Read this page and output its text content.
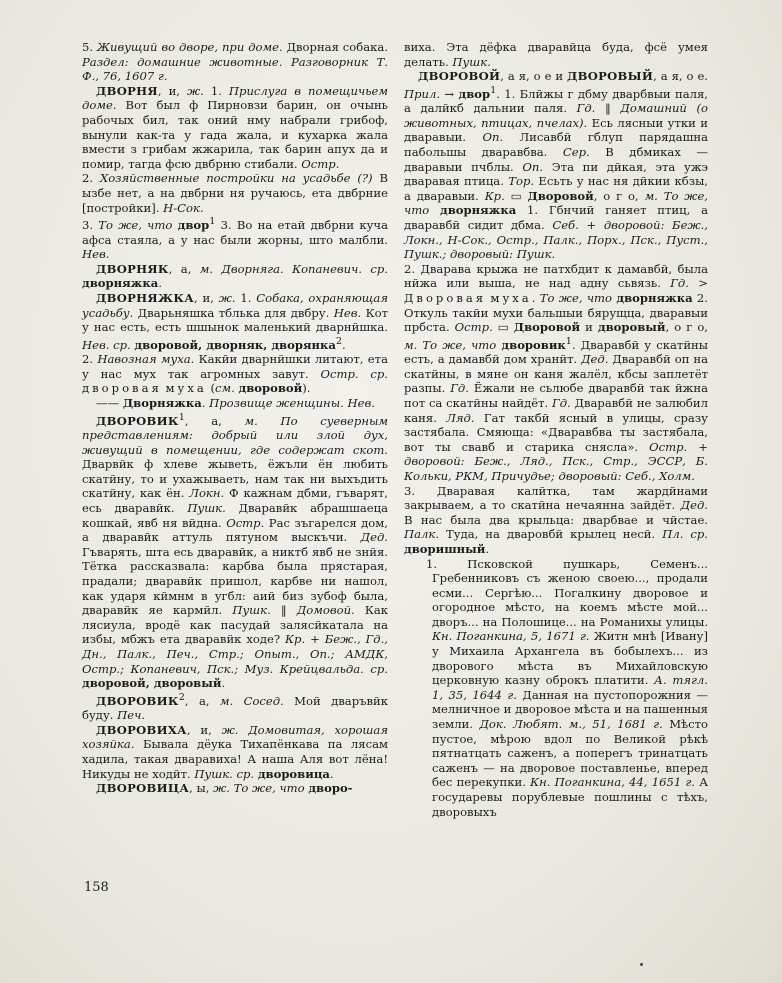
5. Живущий во дворе, при доме. Дворная собака. Раздел: домашние животные. Разговорник Т. Ф., 76, 1607 г.

ДВОРНЯ, и, ж. 1. Прислуга в помещичьем доме. Вот был ф Пирновзи барин, он очынь рабочых бил, так оний нму набрали грибоф, вынули как-та у гада жала, и кухарка жала вмести з грибам жжарила, так барин апух да и помир, тагда фсю двбрню стибали. Остр.

2. Хозяйственные постройки на усадьбе (?) В ызбе нет, а на двбрни ня ручаюсь, ета двбрние [постройки]. Н-Сок.

3. То же, что двор$^1$ 3. Во на етай двбрни куча афса стаяла, а у нас были жорны, што малбли. Нев.

ДВОРНЯК, а, м. Дворняга. Копаневич. ср. дворняжка.

ДВОРНЯЖКА, и, ж. 1. Собака, охраняющая усадьбу. Дварьняшка тблька для двбру. Нев. Кот у нас есть, есть шшынок маленький дварнйшка. Нев. ср. дворовой, дворняк, дворянка$^2$.

2. Навозная муха. Какйи дварнйшки литают, ета у нас мух так агромных завут. Остр. ср. дворовая муха (см. дворовой).

—— Дворняжка. Прозвище женщины. Нев.

ДВОРОВИК$^1$, а, м. По суеверным представлениям: добрый или злой дух, живущий в помещении, где содержат скот. Дварвйк ф хлеве жыветь, ёжъли ён любить скатйну, то и ухажываеть, нам так ни выхъдить скатйну, как ён. Локн. Ф кажнам дбми, гъварят, есь дваравйк. Пушк. Дваравйк абрашшаеца кошкай, явб ня вйдна. Остр. Рас зъгарелся дом, а дваравйк аттуль пятуном выскъчи. Дед. Гъварять, шта есь дваравйк, а никтб явб не знйя. Тётка рассказвала: карбва была прястарая, прадали; дваравйк пришол, карбве ни нашол, как ударя кймнм в угбл: аий биз зубоф была, дваравйк яе кармйл. Пушк. ‖ Домовой. Как лясиула, вродё как пасудай залясйкатала на избы, мбжъ ета дваравйк ходе? Кр. + Беж., Гд., Дн., Палк., Печ., Стр.; Опыт., Оп.; АМДК, Остр.; Копаневич, Пск.; Муз. Крейцвальда. ср. дворовой, дворовый.

ДВОРОВИК$^2$, а, м. Сосед. Мой дваръвйк буду. Печ.

ДВОРОВИХА, и, ж. Домовитая, хорошая хозяйка. Бывала дёука Тихапёнкава па лясам хадила, такая дваравиха! А наша Аля вот лёна! Никуды не ходйт. Пушк. ср. дворовица.

ДВОРОВИЦА, ы, ж. То же, что дворо-

виха. Эта дёфка дваравйца буда, фсё умея делать. Пушк.

ДВОРОВОЙ, а я, о е и ДВОРОВЫЙ, а я, о е. Прил. → двор$^1$. 1. Блйжы г дбму дварбвыи паля, а далйкб дальнии паля. Гд. ‖ Домашний (о животных, птицах, пчелах). Есь лясныи утки и дваравыи. Оп. Лисавбй гблуп парядашна пабольшы дваравбва. Сер. В дбмиках — дваравыи пчблы. Оп. Эта пи дйкая, эта ужэ дваравая птица. Тор. Есьть у нас ня дйкии кбзы, а дваравыи. Кр. ▭ Дворовой, о г о, м. То же, что дворняжка 1. Гбнчий ганяет птиц, а дваравбй сидит дбма. Себ. + дворовой: Беж., Локн., Н-Сок., Остр., Палк., Порх., Пск., Пуст., Пушк.; дворовый: Пушк.

2. Дварава крыжа не патхбдит к дамавбй, была нйжа или выша, не над адну сьвязь. Гд. > Дворовая муха. То же, что дворняжка 2. Откуль такйи мухи бальшыи бярущца, дваравыи прбста. Остр. ▭ Дворовой и дворовый, о г о, м. То же, что дворовик$^1$. Дваравбй у скатйны есть, а дамавбй дом хранйт. Дед. Дваравбй оп на скатйны, в мяне он каня жалёл, кбсы заплетёт разпы. Гд. Ёжали не сьлюбе дваравбй так йжна пот са скатйны найдёт. Гд. Дваравбй не залюбил каня. Ляд. Гат такбй ясный в улицы, сразу застябала. Смяюща: «Дваравбва ты застябала, вот ты свавб и старика снясла». Остр. + дворовой: Беж., Ляд., Пск., Стр., ЭССР, Б. Кольки, РКМ, Причудье; дворовый: Себ., Холм.

3. Дваравая калйтка, там жардйнами закрываем, а то скатйна нечаянна зайдёт. Дед. В нас была два крыльца: дварбвае и чйстае. Палк. Туда, на дваровбй крылец несй. Пл. ср. дворишный.

1. Псковской пушкарь, Семенъ... Гребенниковъ съ женою своею..., продали есми... Сергѣю... Погалкину дворовое и огородное мѣсто, на коемъ мѣсте мой... дворъ... на Полошице... на Романихы улицы. Кн. Поганкина, 5, 1671 г. Житн мнѣ [Ивану] у Михаила Архангела въ бобылехъ... из дворового мѣста въ Михайловскую церковную казну оброкъ платити. А. тягл. 1, 35, 1644 г. Данная на пустопорожния — мелничное и дворовое мѣста и на пашенныя земли. Док. Любят. м., 51, 1681 г. Мѣсто пустое, мѣрою вдол по Великой рѣкѣ пятнатцать саженъ, а поперегъ тринатцать саженъ — на дворовое поставленье, вперед бес перекупки. Кн. Поганкина, 44, 1651 г. А государевы порублевые пошлины с тѣхъ, дворовыхъ

158
